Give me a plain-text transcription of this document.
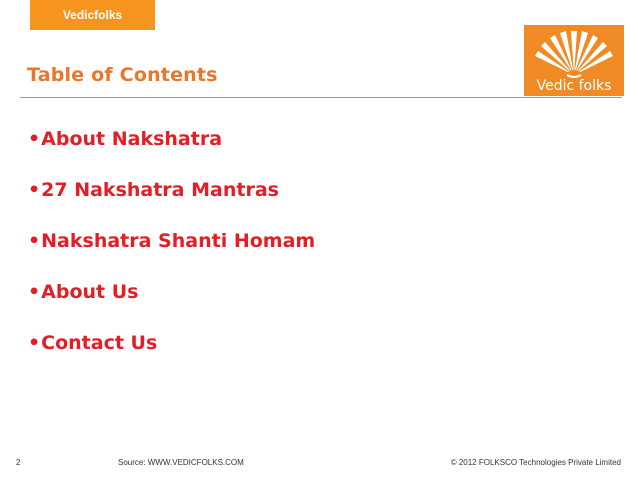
Vedicfolks
Table of Contents	Vedic folks
•About Nakshatra
•27 Nakshatra Mantras
•Nakshatra Shanti Homam
•About Us
•Contact Us
2	Source: WWW.VEDICFOLKS.COM	© 2012 FOLKSCO Technologies Private Limited
